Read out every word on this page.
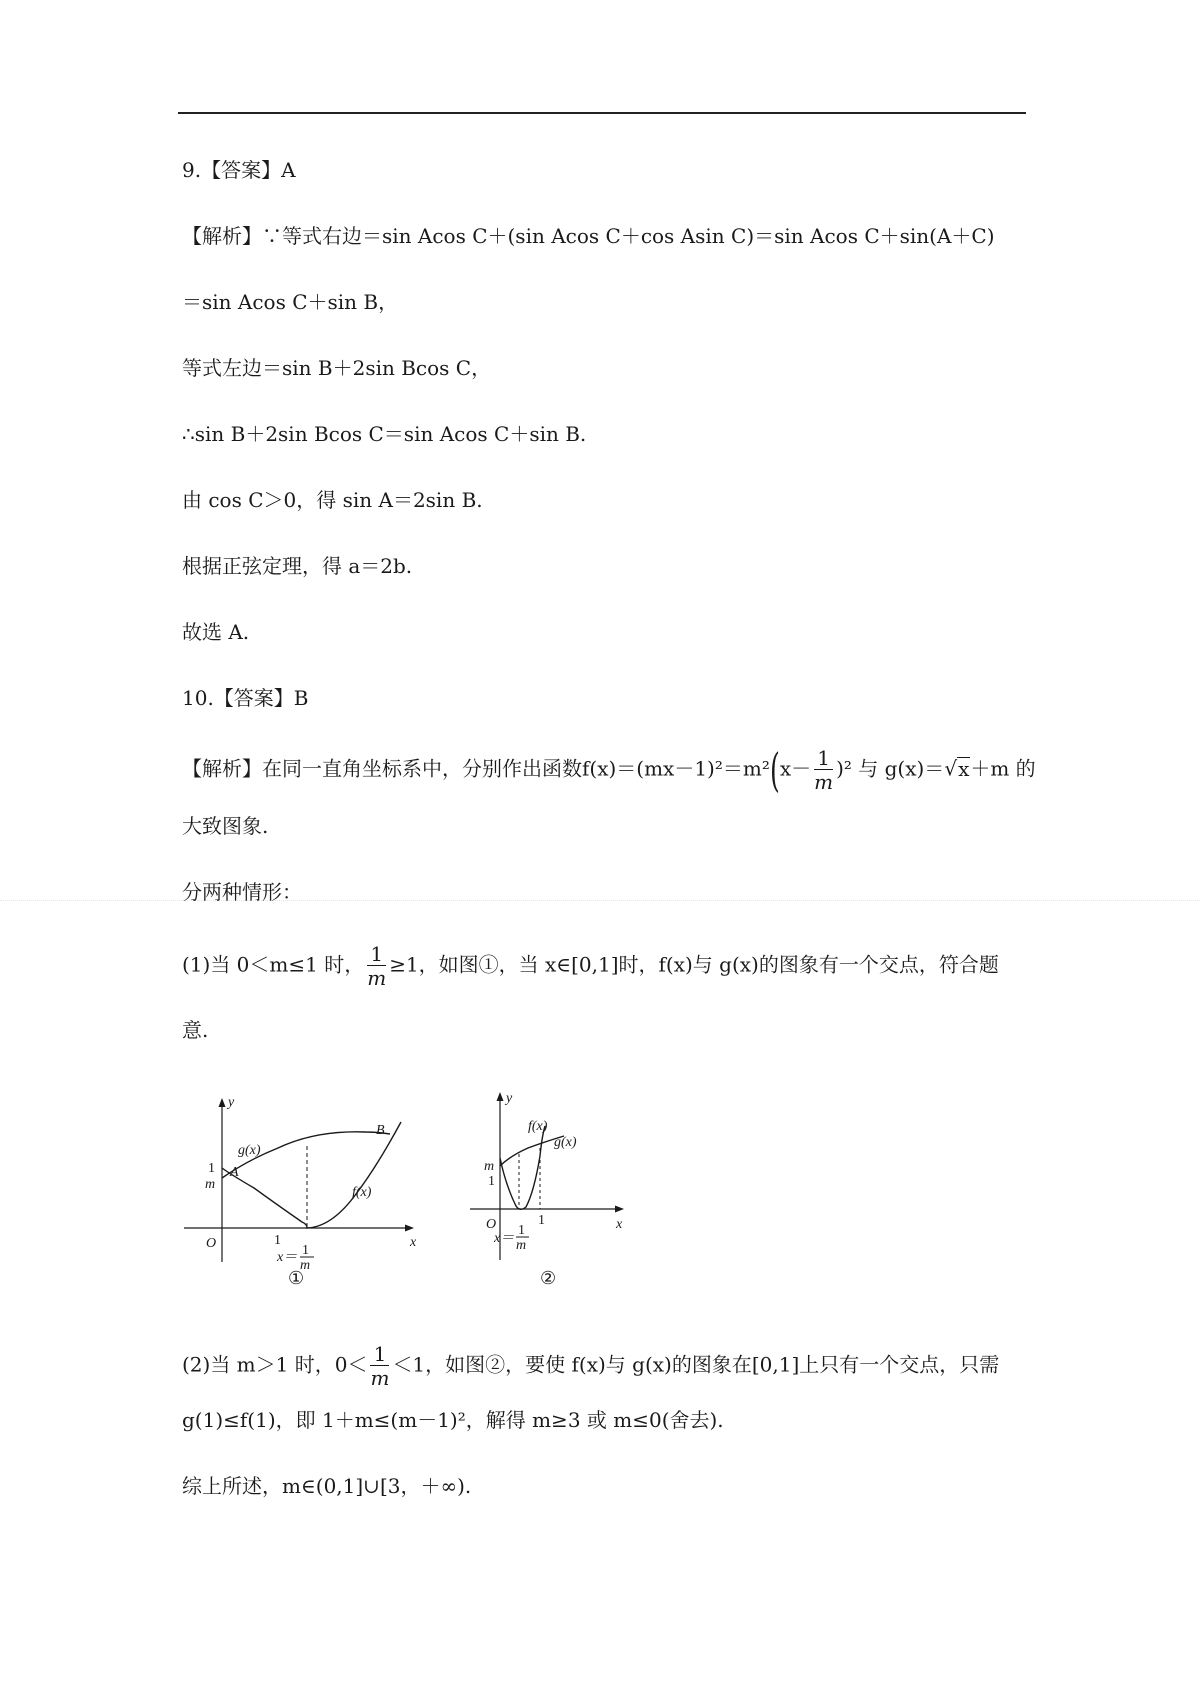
9.【答案】A
【解析】∵等式右边＝sin Acos C＋(sin Acos C＋cos Asin C)＝sin Acos C＋sin(A＋C)
＝sin Acos C＋sin B，
等式左边＝sin B＋2sin Bcos C，
∴sin B＋2sin Bcos C＝sin Acos C＋sin B.
由 cos C＞0，得 sin A＝2sin B.
根据正弦定理，得 a＝2b.
故选 A.
10.【答案】B
【解析】在同一直角坐标系中，分别作出函数$f(x)=(mx-1)^2=m^2(x- \frac{1}{m} )^2$ 与 g(x)＝√x＋m 的
大致图象.
分两种情形：
(1)当 0＜m≤1 时， $\frac{1}{m} \ge 1$，如图①，当 x∈[0,1]时，f(x)与 g(x)的图象有一个交点，符合题
意.
y
x
O
1
m
A
B
g(x)
f(x)
1
x＝ 1
m
①
y
x
O
m
1
f(x)
g(x)
1
x＝
1
m
②
(2)当 m＞1 时，$0< \frac{1}{m} <1$，如图②，要使 f(x)与 g(x)的图象在[0,1]上只有一个交点，只需
g(1)≤f(1)，即 1＋m≤(m－1)²，解得 m≥3 或 m≤0(舍去).
综上所述，m∈(0,1]∪[3，＋∞).
